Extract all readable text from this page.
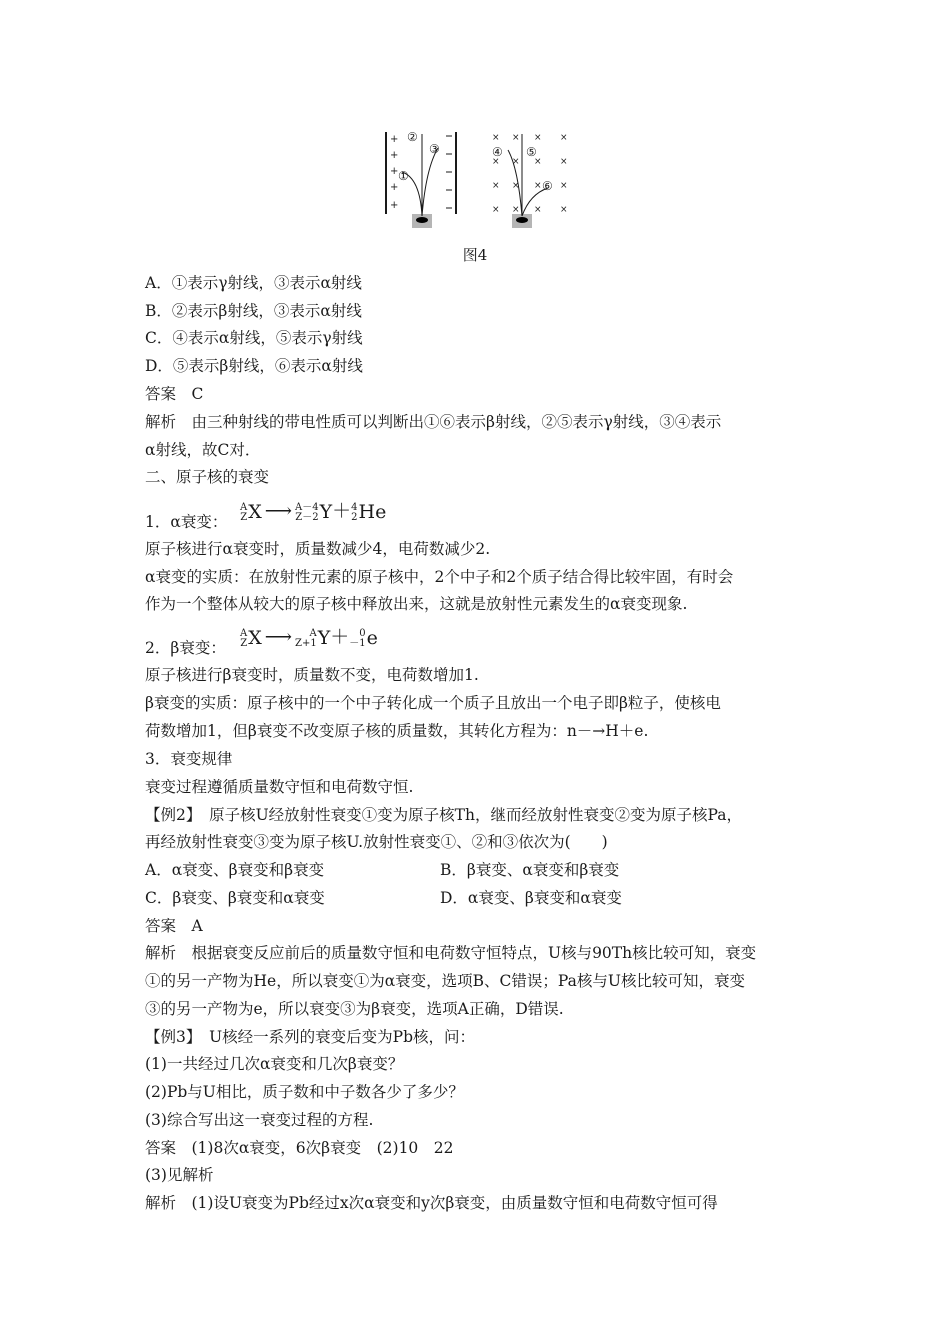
+
+
+
+
+
①
②
③	④ ⑤
⑥
× × × ×
× × × ×
× × × ×
× × × ×
图4
A．①表示γ射线，③表示α射线
B．②表示β射线，③表示α射线
C．④表示α射线，⑤表示γ射线
D．⑤表示β射线，⑥表示α射线
答案　C
解析　由三种射线的带电性质可以判断出①⑥表示β射线，②⑤表示γ射线，③④表示
α射线，故C对．
二、原子核的衰变
1．α衰变：
A
Z X ⟶ A－4
Z－2 Y＋ 4
2 He
原子核进行α衰变时，质量数减少4，电荷数减少2.
α衰变的实质：在放射性元素的原子核中，2个中子和2个质子结合得比较牢固，有时会
作为一个整体从较大的原子核中释放出来，这就是放射性元素发生的α衰变现象.
2．β衰变：
A
Z X ⟶	A
Z+1 Y＋	0
－1 e
原子核进行β衰变时，质量数不变，电荷数增加1.
β衰变的实质：原子核中的一个中子转化成一个质子且放出一个电子即β粒子，使核电
荷数增加1，但β衰变不改变原子核的质量数，其转化方程为：n－→H＋e.
3．衰变规律
衰变过程遵循质量数守恒和电荷数守恒.
【例2】　原子核U经放射性衰变①变为原子核Th，继而经放射性衰变②变为原子核Pa，
再经放射性衰变③变为原子核U.放射性衰变①、②和③依次为(　　)
A．α衰变、β衰变和β衰变	B．β衰变、α衰变和β衰变
C．β衰变、β衰变和α衰变	D．α衰变、β衰变和α衰变
答案　A
解析　根据衰变反应前后的质量数守恒和电荷数守恒特点，U核与90Th核比较可知，衰变
①的另一产物为He，所以衰变①为α衰变，选项B、C错误；Pa核与U核比较可知，衰变
③的另一产物为e，所以衰变③为β衰变，选项A正确，D错误.
【例3】　U核经一系列的衰变后变为Pb核，问：
(1)一共经过几次α衰变和几次β衰变？
(2)Pb与U相比，质子数和中子数各少了多少？
(3)综合写出这一衰变过程的方程.
答案　(1)8次α衰变，6次β衰变　(2)10　22
(3)见解析
解析　(1)设U衰变为Pb经过x次α衰变和y次β衰变，由质量数守恒和电荷数守恒可得
